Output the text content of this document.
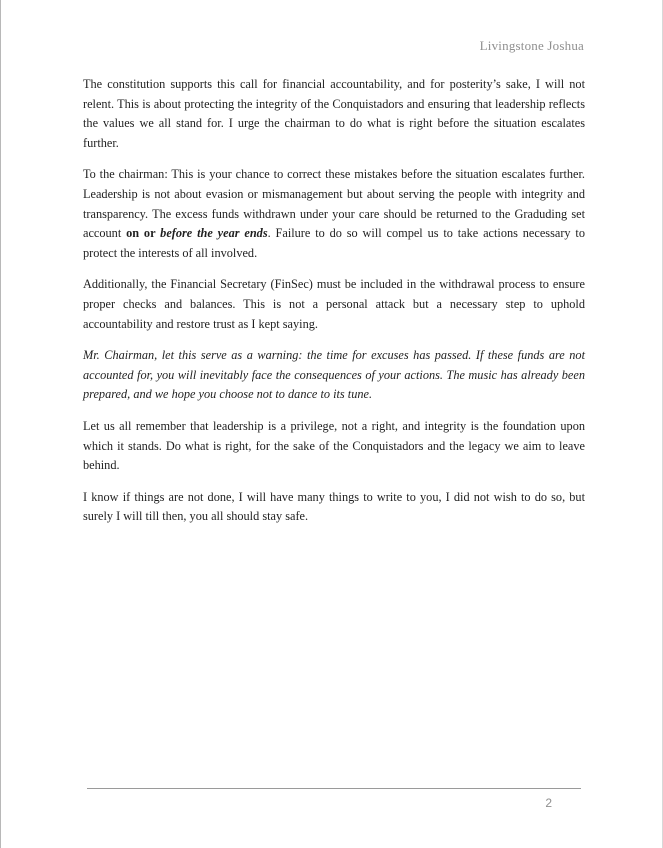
Livingstone Joshua

The constitution supports this call for financial accountability, and for posterity’s sake, I will not relent. This is about protecting the integrity of the Conquistadors and ensuring that leadership reflects the values we all stand for. I urge the chairman to do what is right before the situation escalates further.

To the chairman: This is your chance to correct these mistakes before the situation escalates further. Leadership is not about evasion or mismanagement but about serving the people with integrity and transparency. The excess funds withdrawn under your care should be returned to the Graduding set account on or before the year ends. Failure to do so will compel us to take actions necessary to protect the interests of all involved.

Additionally, the Financial Secretary (FinSec) must be included in the withdrawal process to ensure proper checks and balances. This is not a personal attack but a necessary step to uphold accountability and restore trust as I kept saying.

Mr. Chairman, let this serve as a warning: the time for excuses has passed. If these funds are not accounted for, you will inevitably face the consequences of your actions. The music has already been prepared, and we hope you choose not to dance to its tune.

Let us all remember that leadership is a privilege, not a right, and integrity is the foundation upon which it stands. Do what is right, for the sake of the Conquistadors and the legacy we aim to leave behind.

I know if things are not done, I will have many things to write to you, I did not wish to do so, but surely I will till then, you all should stay safe.

2
